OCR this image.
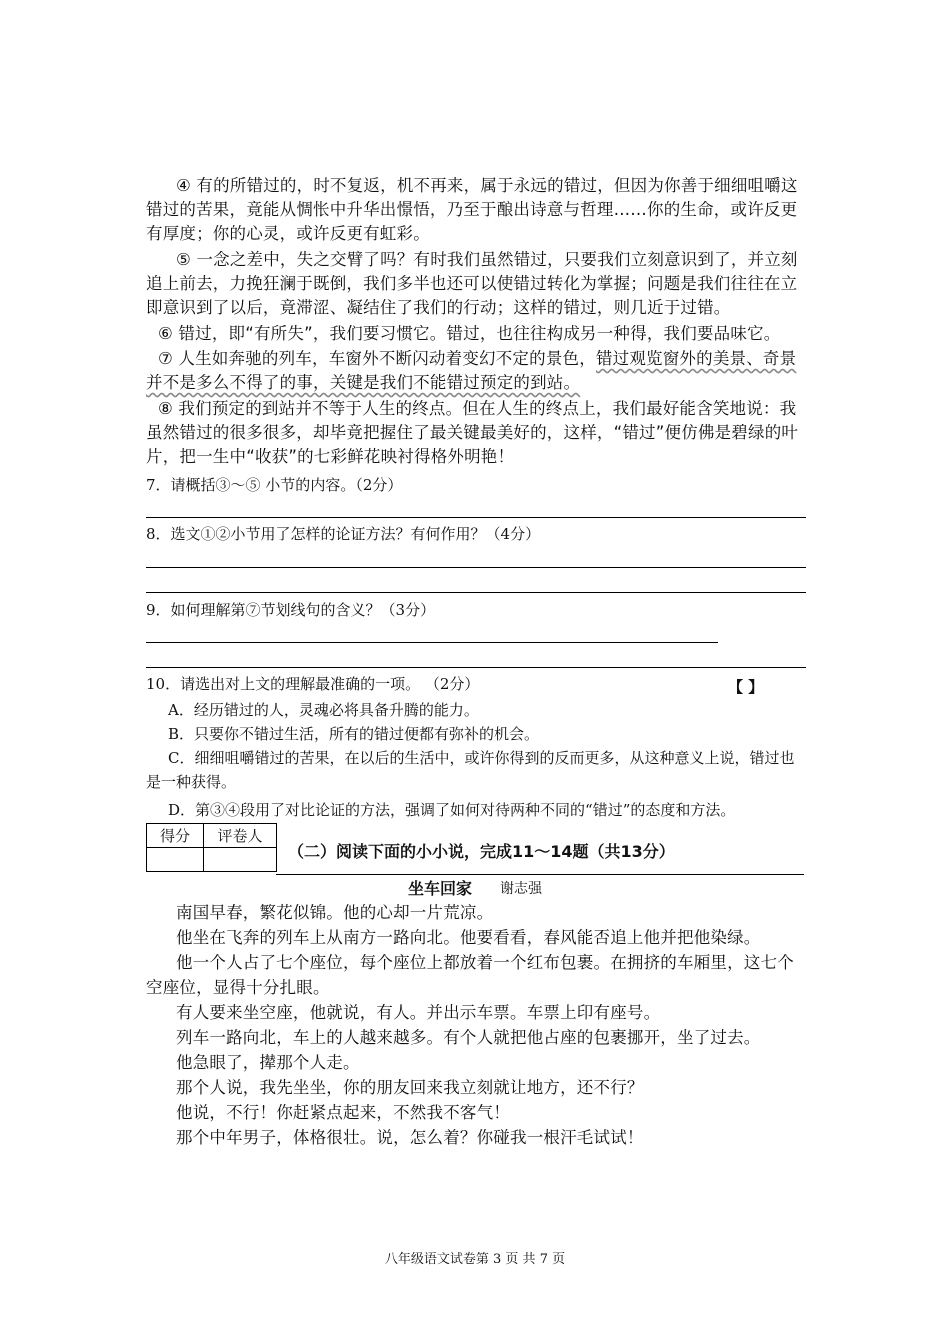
④ 有的所错过的，时不复返，机不再来，属于永远的错过，但因为你善于细细咀嚼这错过的苦果，竟能从惆怅中升华出憬悟，乃至于酿出诗意与哲理……你的生命，或许反更有厚度；你的心灵，或许反更有虹彩。

⑤ 一念之差中，失之交臂了吗？有时我们虽然错过，只要我们立刻意识到了，并立刻追上前去，力挽狂澜于既倒，我们多半也还可以使错过转化为掌握；问题是我们往往在立即意识到了以后，竟滞涩、凝结住了我们的行动；这样的错过，则几近于过错。

⑥ 错过，即“有所失”，我们要习惯它。错过，也往往构成另一种得，我们要品味它。

⑦ 人生如奔驰的列车，车窗外不断闪动着变幻不定的景色，错过观览窗外的美景、奇景并不是多么不得了的事，关键是我们不能错过预定的到站。

⑧ 我们预定的到站并不等于人生的终点。但在人生的终点上，我们最好能含笑地说：我虽然错过的很多很多，却毕竟把握住了最关键最美好的，这样，“错过”便仿佛是碧绿的叶片，把一生中“收获”的七彩鲜花映衬得格外明艳！

7．请概括③～⑤ 小节的内容。（2分）

8．选文①②小节用了怎样的论证方法？有何作用？（4分）

9．如何理解第⑦节划线句的含义？（3分）

10．请选出对上文的理解最准确的一项。 （2分）	【 】

A．经历错过的人，灵魂必将具备升腾的能力。

B．只要你不错过生活，所有的错过便都有弥补的机会。

C．细细咀嚼错过的苦果，在以后的生活中，或许你得到的反而更多，从这种意义上说，错过也是一种获得。

D．第③④段用了对比论证的方法，强调了如何对待两种不同的“错过”的态度和方法。

得分	评卷人

（二）阅读下面的小小说，完成11～14题（共13分）
坐车回家 谢志强

南国早春，繁花似锦。他的心却一片荒凉。

他坐在飞奔的列车上从南方一路向北。他要看看，春风能否追上他并把他染绿。

他一个人占了七个座位，每个座位上都放着一个红布包裹。在拥挤的车厢里，这七个空座位，显得十分扎眼。

有人要来坐空座，他就说，有人。并出示车票。车票上印有座号。

列车一路向北，车上的人越来越多。有个人就把他占座的包裹挪开，坐了过去。

他急眼了，撵那个人走。

那个人说，我先坐坐，你的朋友回来我立刻就让地方，还不行？

他说，不行！你赶紧点起来，不然我不客气！

那个中年男子，体格很壮。说，怎么着？你碰我一根汗毛试试！

八年级语文试卷第 3 页 共 7 页
